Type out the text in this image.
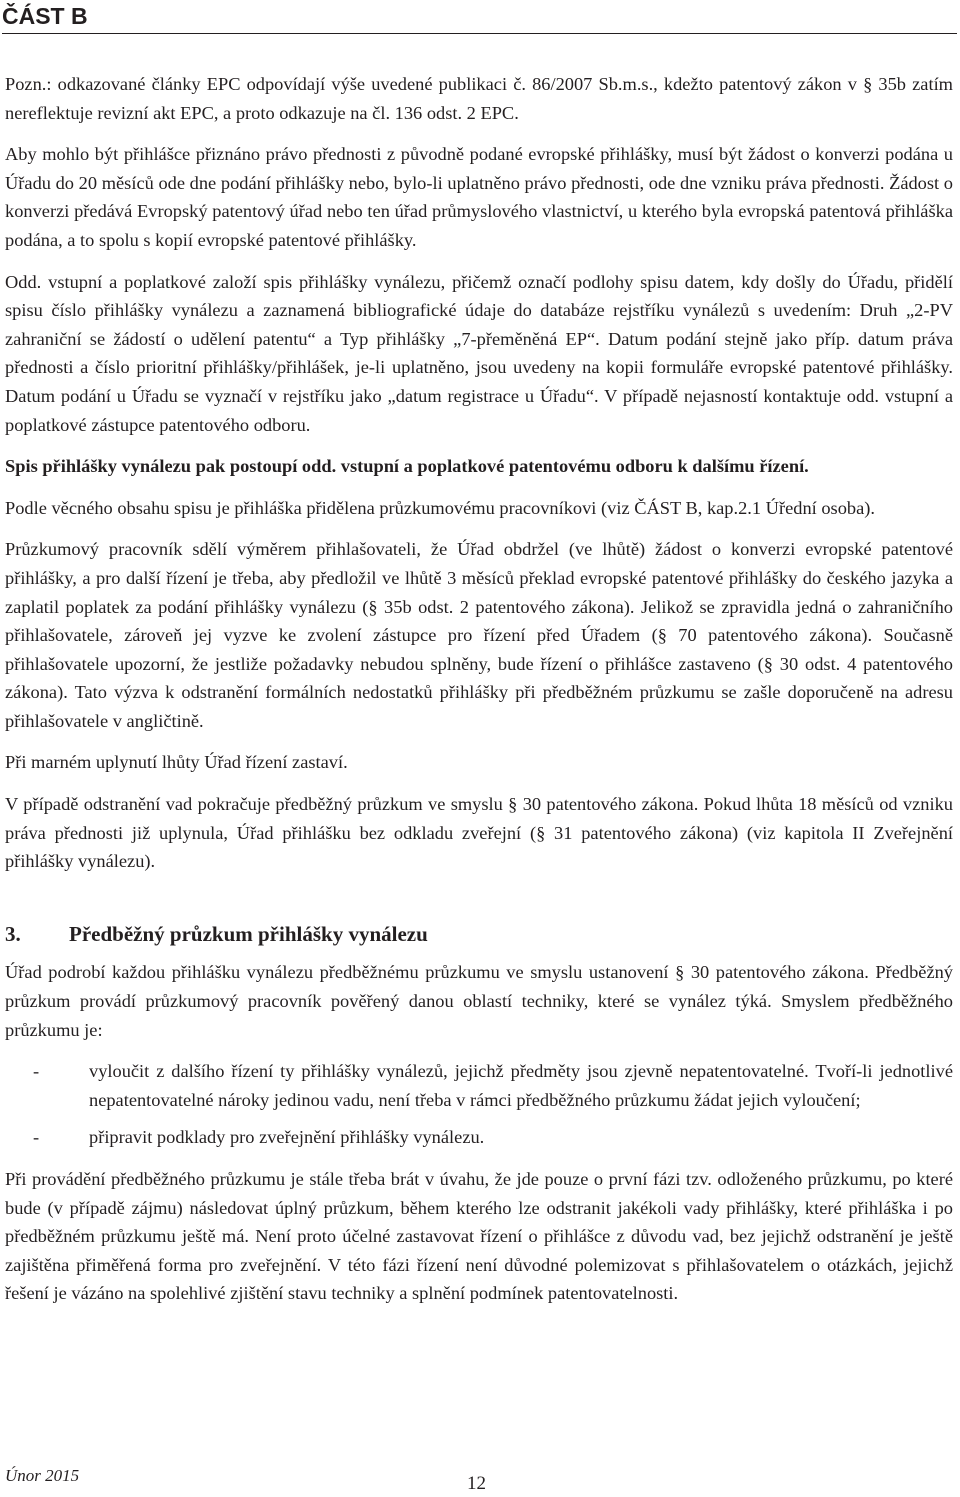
ČÁST B

Pozn.: odkazované články EPC odpovídají výše uvedené publikaci č. 86/2007 Sb.m.s., kdežto patentový zákon v § 35b zatím nereflektuje revizní akt EPC, a proto odkazuje na čl. 136 odst. 2 EPC.

Aby mohlo být přihlášce přiznáno právo přednosti z původně podané evropské přihlášky, musí být žádost o konverzi podána u Úřadu do 20 měsíců ode dne podání přihlášky nebo, bylo-li uplatněno právo přednosti, ode dne vzniku práva přednosti. Žádost o konverzi předává Evropský patentový úřad nebo ten úřad průmyslového vlastnictví, u kterého byla evropská patentová přihláška podána, a to spolu s kopií evropské patentové přihlášky.

Odd. vstupní a poplatkové založí spis přihlášky vynálezu, přičemž označí podlohy spisu datem, kdy došly do Úřadu, přidělí spisu číslo přihlášky vynálezu a zaznamená bibliografické údaje do databáze rejstříku vynálezů s uvedením: Druh „2-PV zahraniční se žádostí o udělení patentu“ a Typ přihlášky „7-přeměněná EP“. Datum podání stejně jako příp. datum práva přednosti a číslo prioritní přihlášky/přihlášek, je-li uplatněno, jsou uvedeny na kopii formuláře evropské patentové přihlášky. Datum podání u Úřadu se vyznačí v rejstříku jako „datum registrace u Úřadu“. V případě nejasností kontaktuje odd. vstupní a poplatkové zástupce patentového odboru.

Spis přihlášky vynálezu pak postoupí odd. vstupní a poplatkové patentovému odboru k dalšímu řízení.

Podle věcného obsahu spisu je přihláška přidělena průzkumovému pracovníkovi (viz ČÁST B, kap.2.1 Úřední osoba).

Průzkumový pracovník sdělí výměrem přihlašovateli, že Úřad obdržel (ve lhůtě) žádost o konverzi evropské patentové přihlášky, a pro další řízení je třeba, aby předložil ve lhůtě 3 měsíců překlad evropské patentové přihlášky do českého jazyka a zaplatil poplatek za podání přihlášky vynálezu (§ 35b odst. 2 patentového zákona). Jelikož se zpravidla jedná o zahraničního přihlašovatele, zároveň jej vyzve ke zvolení zástupce pro řízení před Úřadem (§ 70 patentového zákona). Současně přihlašovatele upozorní, že jestliže požadavky nebudou splněny, bude řízení o přihlášce zastaveno (§ 30 odst. 4 patentového zákona). Tato výzva k odstranění formálních nedostatků přihlášky při předběžném průzkumu se zašle doporučeně na adresu přihlašovatele v angličtině.

Při marném uplynutí lhůty Úřad řízení zastaví.

V případě odstranění vad pokračuje předběžný průzkum ve smyslu § 30 patentového zákona. Pokud lhůta 18 měsíců od vzniku práva přednosti již uplynula, Úřad přihlášku bez odkladu zveřejní (§ 31 patentového zákona) (viz kapitola II Zveřejnění přihlášky vynálezu).

3.	Předběžný průzkum přihlášky vynálezu

Úřad podrobí každou přihlášku vynálezu předběžnému průzkumu ve smyslu ustanovení § 30 patentového zákona. Předběžný průzkum provádí průzkumový pracovník pověřený danou oblastí techniky, které se vynález týká. Smyslem předběžného průzkumu je:

-	vyloučit z dalšího řízení ty přihlášky vynálezů, jejichž předměty jsou zjevně nepatentovatelné. Tvoří-li jednotlivé nepatentovatelné nároky jedinou vadu, není třeba v rámci předběžného průzkumu žádat jejich vyloučení;
-	připravit podklady pro zveřejnění přihlášky vynálezu.

Při provádění předběžného průzkumu je stále třeba brát v úvahu, že jde pouze o první fázi tzv. odloženého průzkumu, po které bude (v případě zájmu) následovat úplný průzkum, během kterého lze odstranit jakékoli vady přihlášky, které přihláška i po předběžném průzkumu ještě má. Není proto účelné zastavovat řízení o přihlášce z důvodu vad, bez jejichž odstranění je ještě zajištěna přiměřená forma pro zveřejnění. V této fázi řízení není důvodné polemizovat s přihlašovatelem o otázkách, jejichž řešení je vázáno na spolehlivé zjištění stavu techniky a splnění podmínek patentovatelnosti.

Únor 2015	12
